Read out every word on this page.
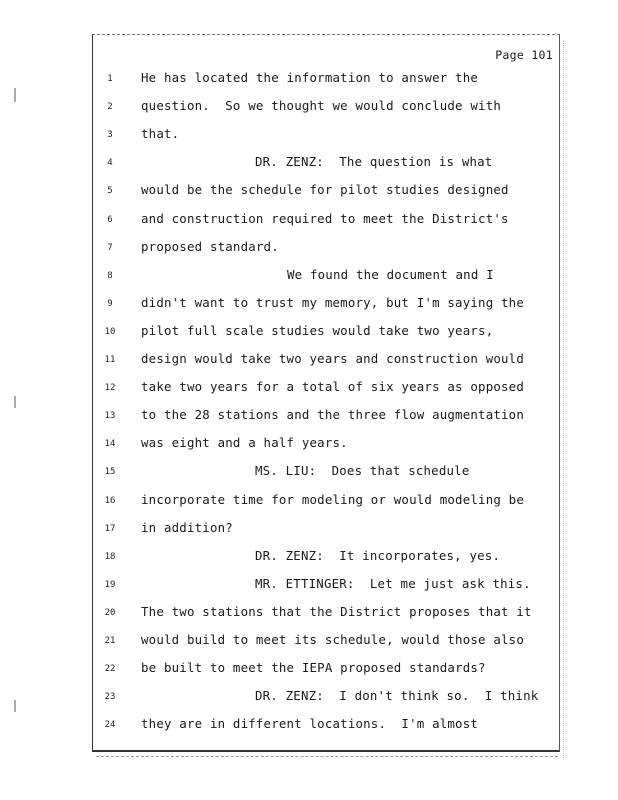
Page 101
1	He has located the information to answer the
2	question.  So we thought we would conclude with
3	that.
4	DR. ZENZ:  The question is what
5	would be the schedule for pilot studies designed
6	and construction required to meet the District's
7	proposed standard.
8	We found the document and I
9	didn't want to trust my memory, but I'm saying the
10	pilot full scale studies would take two years,
11	design would take two years and construction would
12	take two years for a total of six years as opposed
13	to the 28 stations and the three flow augmentation
14	was eight and a half years.
15	MS. LIU:  Does that schedule
16	incorporate time for modeling or would modeling be
17	in addition?
18	DR. ZENZ:  It incorporates, yes.
19	MR. ETTINGER:  Let me just ask this.
20	The two stations that the District proposes that it
21	would build to meet its schedule, would those also
22	be built to meet the IEPA proposed standards?
23	DR. ZENZ:  I don't think so.  I think
24	they are in different locations.  I'm almost
